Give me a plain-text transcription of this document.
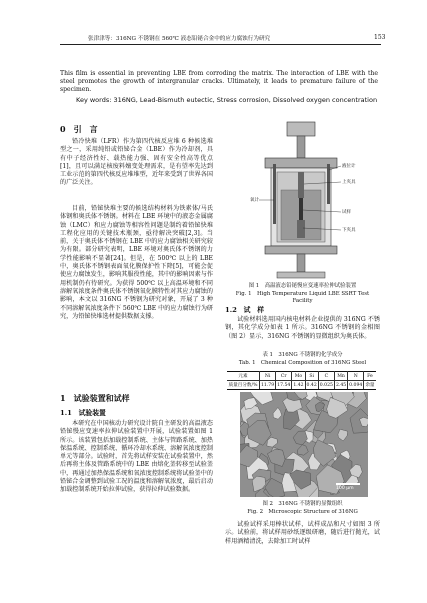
张津津等：316NG 不锈钢在 560℃ 液态铅铋合金中的应力腐蚀行为研究	153
This film is essential in preventing LBE from corroding the matrix. The interaction of LBE with the steel promotes the growth of intergranular cracks. Ultimately, it leads to premature failure of the specimen.
Key words: 316NG, Lead-Bismuth eutectic, Stress corrosion, Dissolved oxygen concentration
0　引　言
铅冷快堆（LFR）作为第四代核反应堆 6 种候选堆型之一，采用纯铅或铅铋合金（LBE）作为冷却剂，具有中子经济性好、载热能力强、固有安全性高等优点[1]，且可以满足核废料嬗变处理需求，是有望率先达到工业示范的第四代核反应堆堆型，近年来受到了世界各国的广泛关注。
目前，铅铋快堆主要的候选结构材料为铁素体/马氏体钢和奥氏体不锈钢。材料在 LBE 环境中的液态金属腐蚀（LMC）和应力腐蚀等相容性问题是制约着铅铋快堆工程化应用的关键技术瓶颈，亟待解决突破[2,3]。当前，关于奥氏体不锈钢在 LBE 中的应力腐蚀相关研究较为有限。部分研究表明，LBE 环境对奥氏体不锈钢的力学性能影响不显著[24]。但是，在 500℃ 以上的 LBE 中，奥氏体不锈钢表面氧化膜保护性下降[5]，可能会促使应力腐蚀发生，影响其服役性能，其中的影响因素与作用机制仍有待研究。为获得 500℃ 以上高温环境和不同溶解氧浓度条件奥氏体不锈钢氧化膜特性对其应力腐蚀的影响，本文以 316NG 不锈钢为研究对象，开展了 3 种不同溶解氧浓度条件下 560℃ LBE 中的应力腐蚀行为研究，为铅铋快堆选材提供数据支撑。
1　试验装置和试样
1.1　试验装置
本研究在中国核动力研究设计院自主研发的高温液态铅铋慢应变速率拉伸试验装置中开展，试验装置如图 1 所示。该装置包括加载控制系统、主体与管路系统、加热保温系统、控制系统、循环冷却水系统、溶解氧浓度控制单元等部分。试验时，首先将试样安装在试验装置中，然后再将主体及管路系统中的 LBE 由熔化釜转移至试验釜中，再通过加热保温系统和氧浓度控制系统将试验釜中的铅铋合金调整到试验工况的温度和溶解氧浓度，最后启动加载控制系统开始拉伸试验，获得拉伸试验数据。
液位计
上夹具
氧计
试样
下夹具
图 1　高温液态铅铋慢应变速率拉伸试验装置
Fig. 1　High Temperature Liquid LBE SSRT Test Facility
1.2　试　样
试验材料选用国内核电材料企业提供的 316NG 不锈钢，其化学成分如表 1 所示。316NG 不锈钢的金相图（图 2）显示，316NG 不锈钢的显微组织为奥氏体。
表 1　316NG 不锈钢的化学成分
Tab. 1　Chemical Composition of 316NG Steel
元素	Ni	Cr	Mo	Si	C	Mn	N	Fe
质量百分数/%	11.79	17.54	1.42	0.42	0.025	2.45	0.094	余量
100 μm
图 2　316NG 不锈钢的显微组织
Fig. 2　Microscopic Structure of 316NG
试验试样采用棒状试样，试样成品和尺寸如图 3 所示。试验前，将试样用砂纸逐级研磨，随后进行抛光，试样用酒精清洗，去除加工时试样
